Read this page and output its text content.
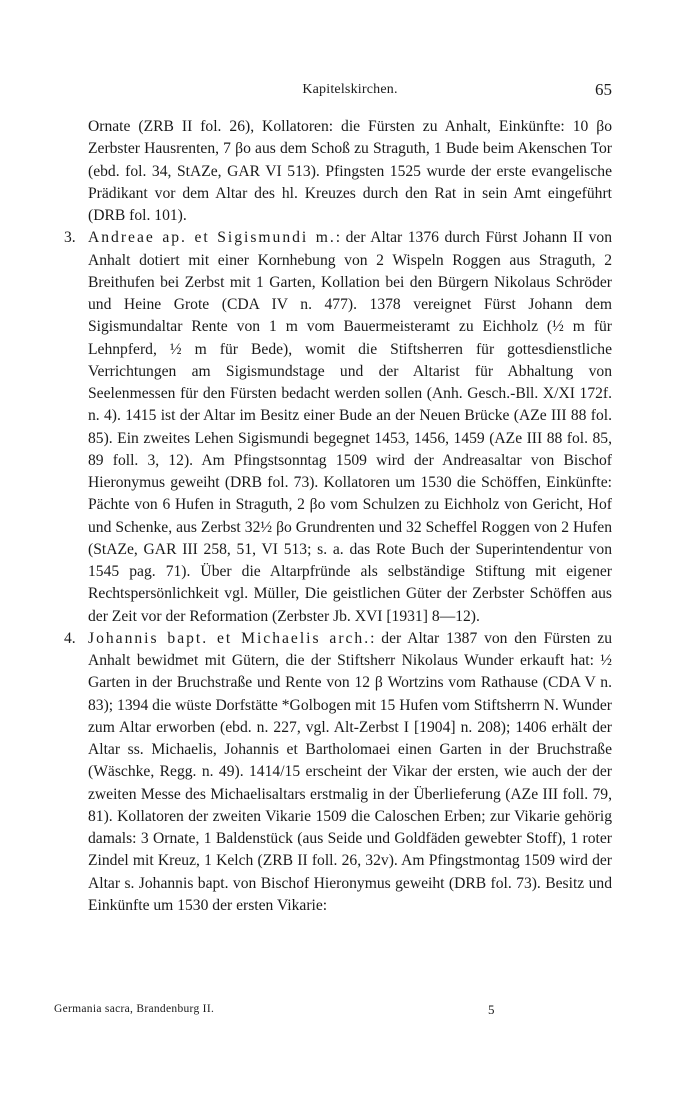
Kapitelskirchen.	65

Ornate (ZRB II fol. 26), Kollatoren: die Fürsten zu Anhalt, Einkünfte: 10 βo Zerbster Hausrenten, 7 βo aus dem Schoß zu Straguth, 1 Bude beim Akenschen Tor (ebd. fol. 34, StAZe, GAR VI 513). Pfingsten 1525 wurde der erste evangelische Prädikant vor dem Altar des hl. Kreuzes durch den Rat in sein Amt eingeführt (DRB fol. 101).

3. Andreae ap. et Sigismundi m.: der Altar 1376 durch Fürst Johann II von Anhalt dotiert mit einer Kornhebung von 2 Wispeln Roggen aus Straguth, 2 Breithufen bei Zerbst mit 1 Garten, Kollation bei den Bürgern Nikolaus Schröder und Heine Grote (CDA IV n. 477). 1378 vereignet Fürst Johann dem Sigismundaltar Rente von 1 m vom Bauermeisteramt zu Eichholz (½ m für Lehnpferd, ½ m für Bede), womit die Stiftsherren für gottesdienstliche Verrichtungen am Sigismundstage und der Altarist für Abhaltung von Seelenmessen für den Fürsten bedacht werden sollen (Anh. Gesch.-Bll. X/XI 172f. n. 4). 1415 ist der Altar im Besitz einer Bude an der Neuen Brücke (AZe III 88 fol. 85). Ein zweites Lehen Sigismundi begegnet 1453, 1456, 1459 (AZe III 88 fol. 85, 89 foll. 3, 12). Am Pfingstsonntag 1509 wird der Andreasaltar von Bischof Hieronymus geweiht (DRB fol. 73). Kollatoren um 1530 die Schöffen, Einkünfte: Pächte von 6 Hufen in Straguth, 2 βo vom Schulzen zu Eichholz von Gericht, Hof und Schenke, aus Zerbst 32½ βo Grundrenten und 32 Scheffel Roggen von 2 Hufen (StAZe, GAR III 258, 51, VI 513; s. a. das Rote Buch der Superintendentur von 1545 pag. 71). Über die Altarpfründe als selbständige Stiftung mit eigener Rechtspersönlichkeit vgl. Müller, Die geistlichen Güter der Zerbster Schöffen aus der Zeit vor der Reformation (Zerbster Jb. XVI [1931] 8—12).

4. Johannis bapt. et Michaelis arch.: der Altar 1387 von den Fürsten zu Anhalt bewidmet mit Gütern, die der Stiftsherr Nikolaus Wunder erkauft hat: ½ Garten in der Bruchstraße und Rente von 12 β Wortzins vom Rathause (CDA V n. 83); 1394 die wüste Dorfstätte *Golbogen mit 15 Hufen vom Stiftsherrn N. Wunder zum Altar erworben (ebd. n. 227, vgl. Alt-Zerbst I [1904] n. 208); 1406 erhält der Altar ss. Michaelis, Johannis et Bartholomaei einen Garten in der Bruchstraße (Wäschke, Regg. n. 49). 1414/15 erscheint der Vikar der ersten, wie auch der der zweiten Messe des Michaelisaltars erstmalig in der Überlieferung (AZe III foll. 79, 81). Kollatoren der zweiten Vikarie 1509 die Caloschen Erben; zur Vikarie gehörig damals: 3 Ornate, 1 Baldenstück (aus Seide und Goldfäden gewebter Stoff), 1 roter Zindel mit Kreuz, 1 Kelch (ZRB II foll. 26, 32v). Am Pfingstmontag 1509 wird der Altar s. Johannis bapt. von Bischof Hieronymus geweiht (DRB fol. 73). Besitz und Einkünfte um 1530 der ersten Vikarie:

Germania sacra, Brandenburg II.	5
